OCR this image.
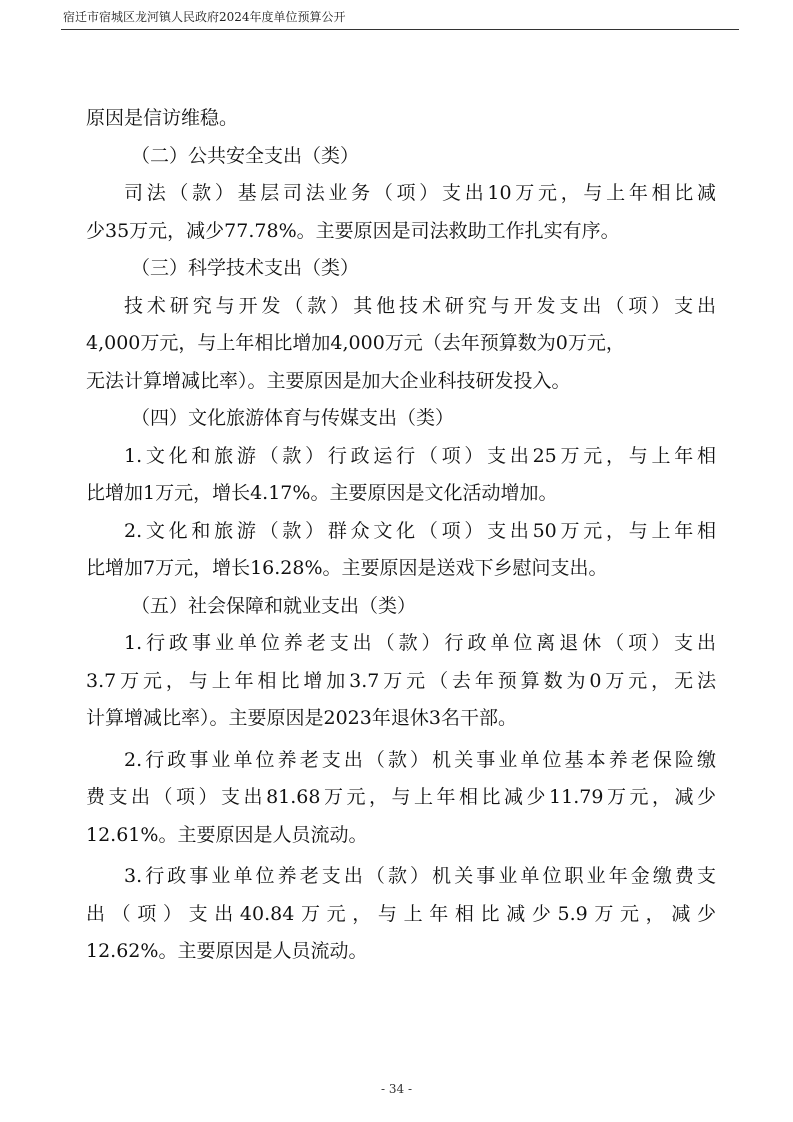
宿迁市宿城区龙河镇人民政府2024年度单位预算公开
原因是信访维稳。
（二）公共安全支出（类）
司法（款）基层司法业务（项）支出10万元，与上年相比减
少35万元，减少77.78%。主要原因是司法救助工作扎实有序。
（三）科学技术支出（类）
技术研究与开发（款）其他技术研究与开发支出（项）支出
4,000万元，与上年相比增加4,000万元（去年预算数为0万元，
无法计算增减比率）。主要原因是加大企业科技研发投入。
（四）文化旅游体育与传媒支出（类）
1.文化和旅游（款）行政运行（项）支出25万元，与上年相
比增加1万元，增长4.17%。主要原因是文化活动增加。
2.文化和旅游（款）群众文化（项）支出50万元，与上年相
比增加7万元，增长16.28%。主要原因是送戏下乡慰问支出。
（五）社会保障和就业支出（类）
1.行政事业单位养老支出（款）行政单位离退休（项）支出
3.7万元，与上年相比增加3.7万元（去年预算数为0万元，无法
计算增减比率）。主要原因是2023年退休3名干部。
2.行政事业单位养老支出（款）机关事业单位基本养老保险缴
费支出（项）支出81.68万元，与上年相比减少11.79万元，减少
12.61%。主要原因是人员流动。
3.行政事业单位养老支出（款）机关事业单位职业年金缴费支
出（项）支出40.84万元，与上年相比减少5.9万元，减少
12.62%。主要原因是人员流动。
- 34 -
